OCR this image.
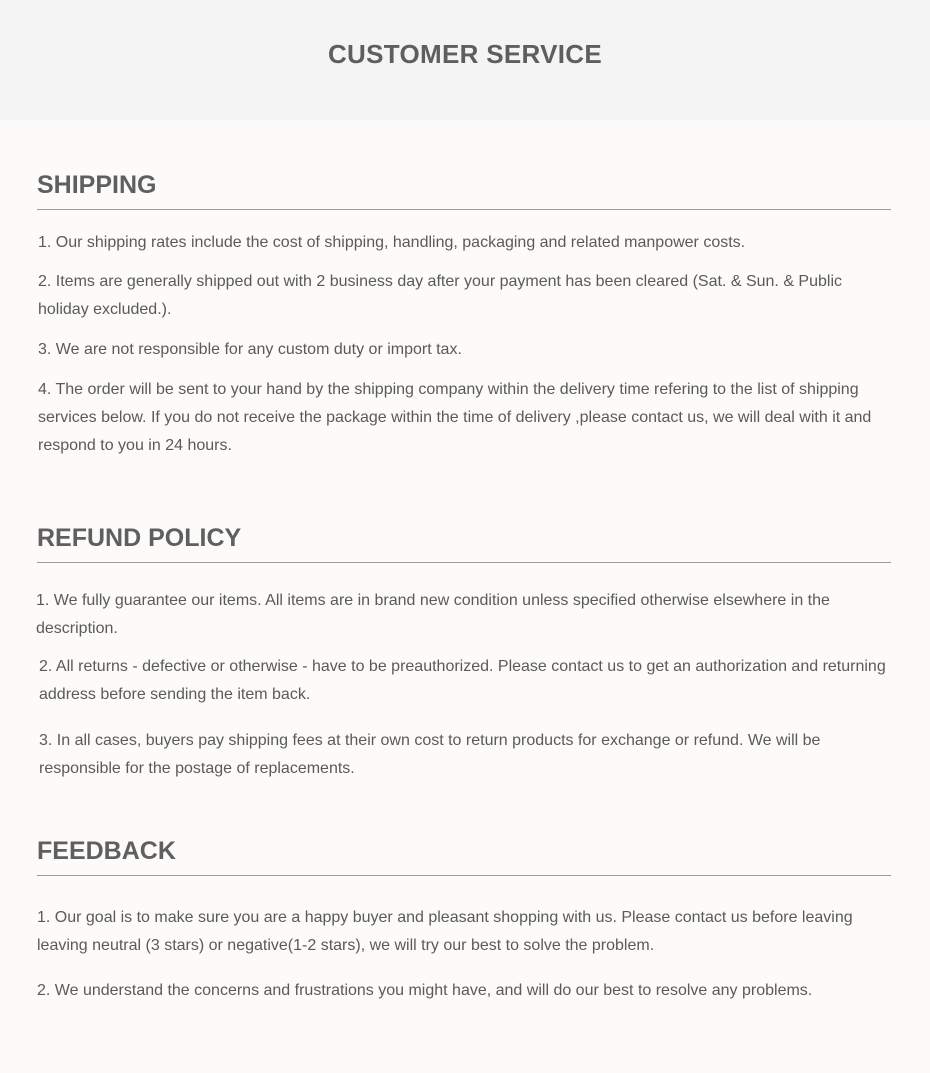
CUSTOMER SERVICE
SHIPPING

1. Our shipping rates include the cost of shipping, handling, packaging and related manpower costs.

2. Items are generally shipped out with 2 business day after your payment has been cleared (Sat. & Sun. & Public holiday excluded.).

3. We are not responsible for any custom duty or import tax.

4. The order will be sent to your hand by the shipping company within the delivery time refering to the list of shipping services below. If you do not receive the package within the time of delivery ,please contact us, we will deal with it and respond to you in 24 hours.

REFUND POLICY

1. We fully guarantee our items. All items are in brand new condition unless specified otherwise elsewhere in the description.

2. All returns - defective or otherwise - have to be preauthorized. Please contact us to get an authorization and returning address before sending the item back.

3. In all cases, buyers pay shipping fees at their own cost to return products for exchange or refund. We will be responsible for the postage of replacements.

FEEDBACK

1. Our goal is to make sure you are a happy buyer and pleasant shopping with us. Please contact us before leaving leaving neutral (3 stars) or negative(1-2 stars), we will try our best to solve the problem.

2. We understand the concerns and frustrations you might have, and will do our best to resolve any problems.
